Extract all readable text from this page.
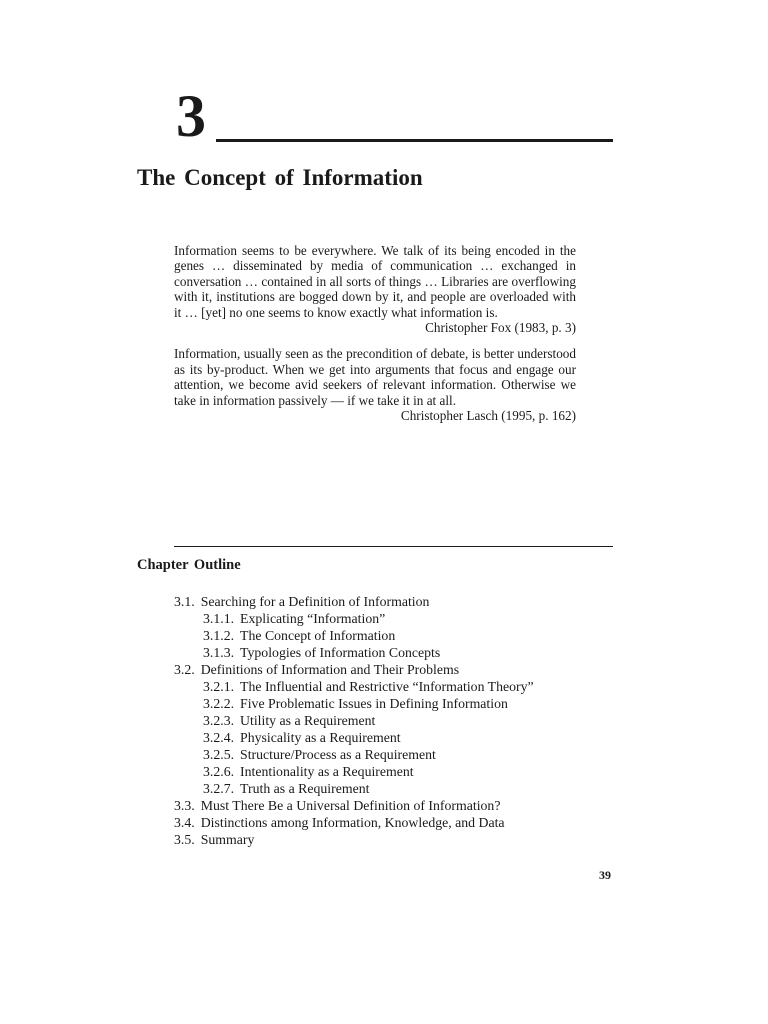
3
The Concept of Information

Information seems to be everywhere. We talk of its being encoded in the genes … disseminated by media of communication … exchanged in conversation … contained in all sorts of things … Libraries are overflowing with it, institutions are bogged down by it, and people are overloaded with it … [yet] no one seems to know exactly what information is.

Christopher Fox (1983, p. 3)

Information, usually seen as the precondition of debate, is better understood as its by-product. When we get into arguments that focus and engage our attention, we become avid seekers of relevant information. Otherwise we take in information passively — if we take it in at all.

Christopher Lasch (1995, p. 162)

Chapter Outline
3.1. Searching for a Definition of Information
3.1.1. Explicating “Information”
3.1.2. The Concept of Information
3.1.3. Typologies of Information Concepts
3.2. Definitions of Information and Their Problems
3.2.1. The Influential and Restrictive “Information Theory”
3.2.2. Five Problematic Issues in Defining Information
3.2.3. Utility as a Requirement
3.2.4. Physicality as a Requirement
3.2.5. Structure/Process as a Requirement
3.2.6. Intentionality as a Requirement
3.2.7. Truth as a Requirement
3.3. Must There Be a Universal Definition of Information?
3.4. Distinctions among Information, Knowledge, and Data
3.5. Summary
39
